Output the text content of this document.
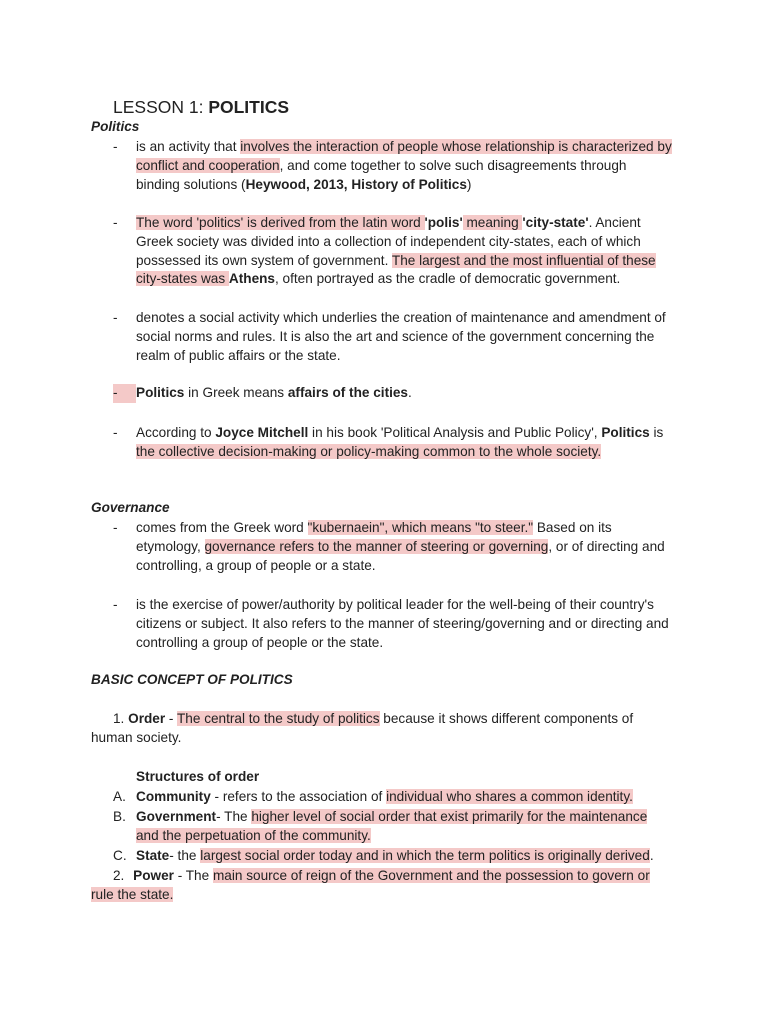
LESSON 1: POLITICS
Politics
-	is an activity that involves the interaction of people whose relationship is characterized by conflict and cooperation, and come together to solve such disagreements through binding solutions (Heywood, 2013, History of Politics)
-	The word 'politics' is derived from the latin word 'polis' meaning 'city-state'. Ancient Greek society was divided into a collection of independent city-states, each of which possessed its own system of government. The largest and the most influential of these city-states was Athens, often portrayed as the cradle of democratic government.
-	denotes a social activity which underlies the creation of maintenance and amendment of social norms and rules. It is also the art and science of the government concerning the realm of public affairs or the state.
-	Politics in Greek means affairs of the cities.
-	According to Joyce Mitchell in his book 'Political Analysis and Public Policy', Politics is the collective decision-making or policy-making common to the whole society.
Governance
-	comes from the Greek word "kubernaein", which means "to steer." Based on its etymology, governance refers to the manner of steering or governing, or of directing and controlling, a group of people or a state.
-	is the exercise of power/authority by political leader for the well-being of their country's citizens or subject. It also refers to the manner of steering/governing and or directing and controlling a group of people or the state.
BASIC CONCEPT OF POLITICS
1. Order - The central to the study of politics because it shows different components of human society.
Structures of order
A. Community - refers to the association of individual who shares a common identity.
B. Government- The higher level of social order that exist primarily for the maintenance and the perpetuation of the community.
C. State- the largest social order today and in which the term politics is originally derived.
2. Power - The main source of reign of the Government and the possession to govern or rule the state.
